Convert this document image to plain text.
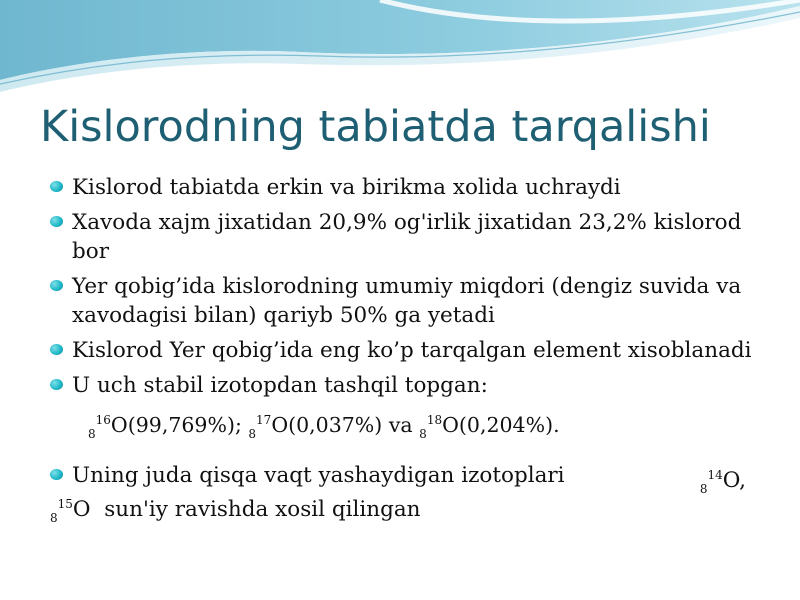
Kislorodning tabiatda tarqalishi
Kislorod tabiatda erkin va birikma xolida uchraydi
Xavoda xajm jixatidan 20,9% og'irlik jixatidan 23,2% kislorod bor
Yer qobig’ida kislorodning umumiy miqdori (dengiz suvida va xavodagisi bilan) qariyb 50% ga yetadi
Kislorod Yer qobig’ida eng ko’p tarqalgan element xisoblanadi
U uch stabil izotopdan tashqil topgan:
$_8^{16}$O(99,769%); $_8^{17}$O(0,037%) va $_8^{18}$O(0,204%).
Uning juda qisqa vaqt yashaydigan izotoplari
$_8^{14}$O,
$_8^{15}$O sun'iy ravishda xosil qilingan
